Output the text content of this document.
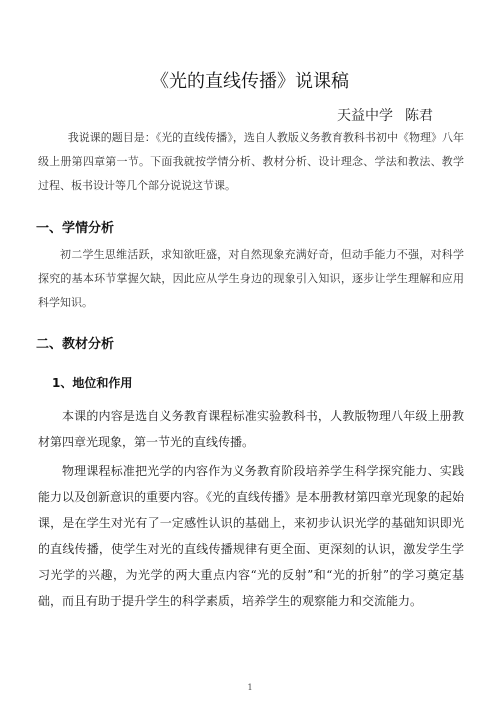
《光的直线传播》说课稿
天益中学 陈君

我说课的题目是：《光的直线传播》，选自人教版义务教育教科书初中《物理》八年级上册第四章第一节。下面我就按学情分析、教材分析、设计理念、学法和教法、教学过程、板书设计等几个部分说说这节课。

一、学情分析

初二学生思维活跃，求知欲旺盛，对自然现象充满好奇，但动手能力不强，对科学探究的基本环节掌握欠缺，因此应从学生身边的现象引入知识，逐步让学生理解和应用科学知识。

二、教材分析
1、地位和作用

本课的内容是选自义务教育课程标准实验教科书，人教版物理八年级上册教材第四章光现象，第一节光的直线传播。

物理课程标准把光学的内容作为义务教育阶段培养学生科学探究能力、实践能力以及创新意识的重要内容。《光的直线传播》是本册教材第四章光现象的起始课，是在学生对光有了一定感性认识的基础上，来初步认识光学的基础知识即光的直线传播，使学生对光的直线传播规律有更全面、更深刻的认识，激发学生学习光学的兴趣，为光学的两大重点内容“光的反射”和“光的折射”的学习奠定基础，而且有助于提升学生的科学素质，培养学生的观察能力和交流能力。

1
